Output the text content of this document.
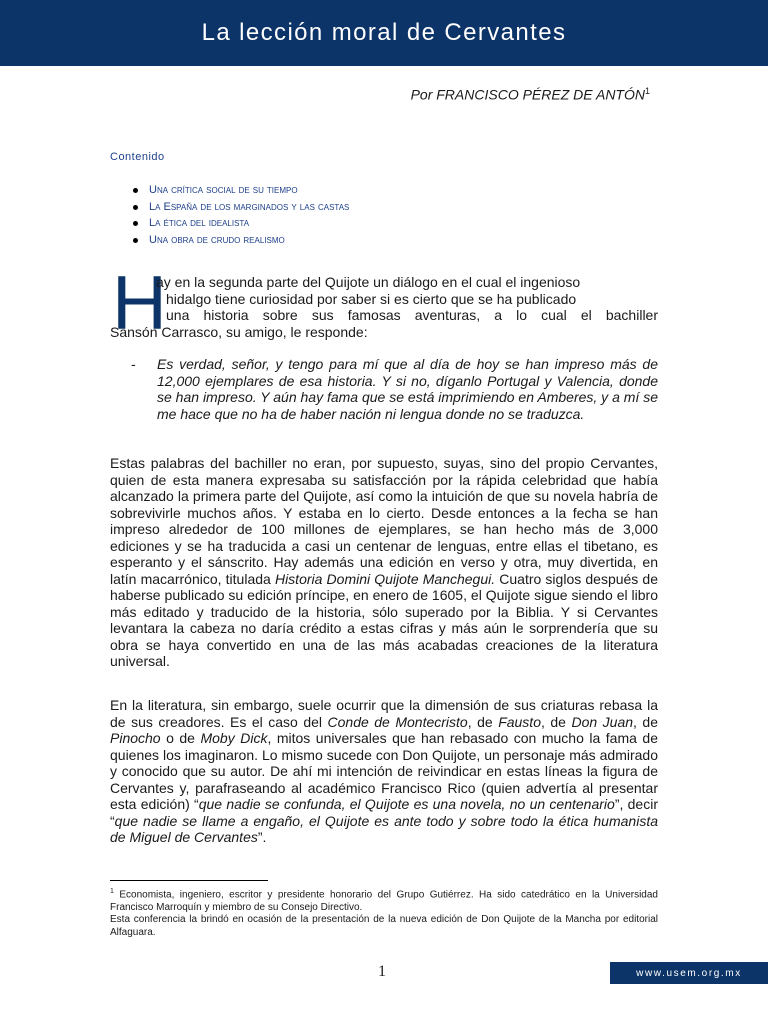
La lección moral de Cervantes
Por FRANCISCO PÉREZ DE ANTÓN$^1$
Contenido
Una crítica social de su tiempo
La España de los marginados y las castas
La ética del idealista
Una obra de crudo realismo
H
ay en la segunda parte del Quijote un diálogo en el cual el ingenioso
hidalgo tiene curiosidad por saber si es cierto que se ha publicado
una historia sobre sus famosas aventuras, a lo cual el bachiller
Sansón Carrasco, su amigo, le responde:
- Es verdad, señor, y tengo para mí que al día de hoy se han impreso más de 12,000 ejemplares de esa historia. Y si no, díganlo Portugal y Valencia, donde se han impreso. Y aún hay fama que se está imprimiendo en Amberes, y a mí se me hace que no ha de haber nación ni lengua donde no se traduzca.
Estas palabras del bachiller no eran, por supuesto, suyas, sino del propio Cervantes, quien de esta manera expresaba su satisfacción por la rápida celebridad que había alcanzado la primera parte del Quijote, así como la intuición de que su novela habría de sobrevivirle muchos años. Y estaba en lo cierto. Desde entonces a la fecha se han impreso alrededor de 100 millones de ejemplares, se han hecho más de 3,000 ediciones y se ha traducida a casi un centenar de lenguas, entre ellas el tibetano, es esperanto y el sánscrito. Hay además una edición en verso y otra, muy divertida, en latín macarrónico, titulada Historia Domini Quijote Manchegui. Cuatro siglos después de haberse publicado su edición príncipe, en enero de 1605, el Quijote sigue siendo el libro más editado y traducido de la historia, sólo superado por la Biblia. Y si Cervantes levantara la cabeza no daría crédito a estas cifras y más aún le sorprendería que su obra se haya convertido en una de las más acabadas creaciones de la literatura universal.
En la literatura, sin embargo, suele ocurrir que la dimensión de sus criaturas rebasa la de sus creadores. Es el caso del Conde de Montecristo, de Fausto, de Don Juan, de Pinocho o de Moby Dick, mitos universales que han rebasado con mucho la fama de quienes los imaginaron. Lo mismo sucede con Don Quijote, un personaje más admirado y conocido que su autor. De ahí mi intención de reivindicar en estas líneas la figura de Cervantes y, parafraseando al académico Francisco Rico (quien advertía al presentar esta edición) “que nadie se confunda, el Quijote es una novela, no un centenario”, decir “que nadie se llame a engaño, el Quijote es ante todo y sobre todo la ética humanista de Miguel de Cervantes”.
$^1$ Economista, ingeniero, escritor y presidente honorario del Grupo Gutiérrez. Ha sido catedrático en la Universidad Francisco Marroquín y miembro de su Consejo Directivo.
Esta conferencia la brindó en ocasión de la presentación de la nueva edición de Don Quijote de la Mancha por editorial Alfaguara.
1	www.usem.org.mx
